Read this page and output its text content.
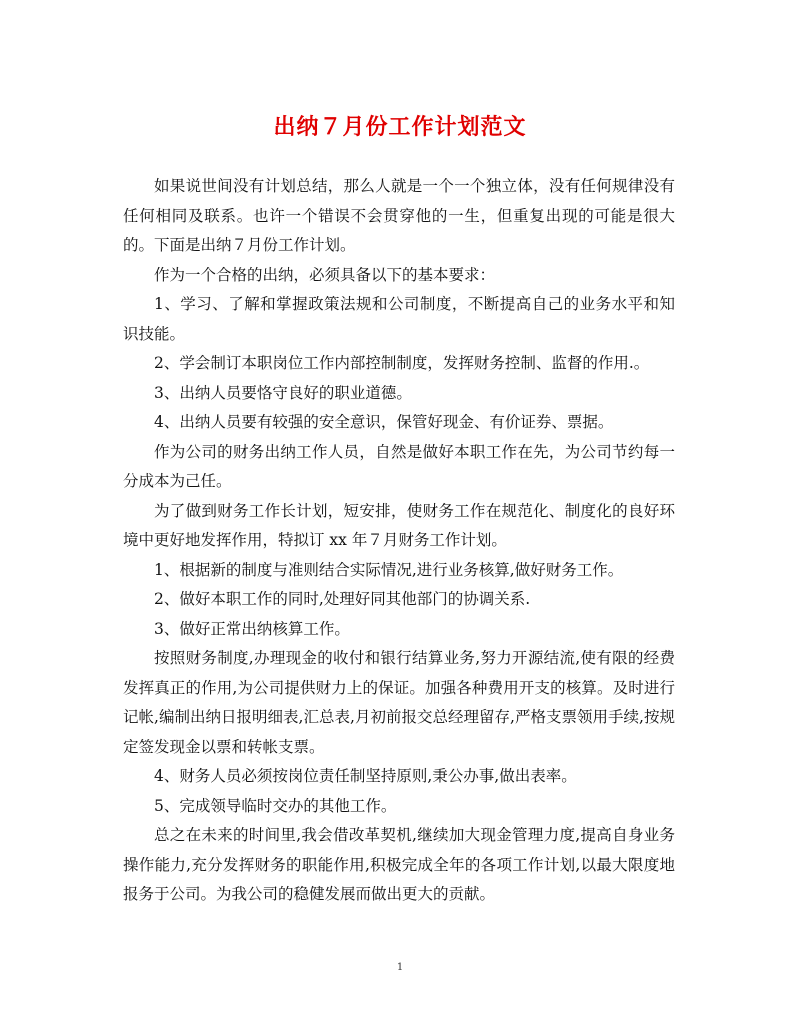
出纳７月份工作计划范文

如果说世间没有计划总结，那么人就是一个一个独立体，没有任何规律没有任何相同及联系。也许一个错误不会贯穿他的一生，但重复出现的可能是很大的。下面是出纳７月份工作计划。

作为一个合格的出纳，必须具备以下的基本要求：

1、学习、了解和掌握政策法规和公司制度，不断提高自己的业务水平和知识技能。

2、学会制订本职岗位工作内部控制制度，发挥财务控制、监督的作用.。

3、出纳人员要恪守良好的职业道德。

4、出纳人员要有较强的安全意识，保管好现金、有价证券、票据。

作为公司的财务出纳工作人员，自然是做好本职工作在先，为公司节约每一分成本为己任。

为了做到财务工作长计划，短安排，使财务工作在规范化、制度化的良好环境中更好地发挥作用，特拟订 xx 年７月财务工作计划。

1、根据新的制度与准则结合实际情况,进行业务核算,做好财务工作。

2、做好本职工作的同时,处理好同其他部门的协调关系.

3、做好正常出纳核算工作。

按照财务制度,办理现金的收付和银行结算业务,努力开源结流,使有限的经费发挥真正的作用,为公司提供财力上的保证。加强各种费用开支的核算。及时进行记帐,编制出纳日报明细表,汇总表,月初前报交总经理留存,严格支票领用手续,按规定签发现金以票和转帐支票。

4、财务人员必须按岗位责任制坚持原则,秉公办事,做出表率。

5、完成领导临时交办的其他工作。

总之在未来的时间里,我会借改革契机,继续加大现金管理力度,提高自身业务操作能力,充分发挥财务的职能作用,积极完成全年的各项工作计划,以最大限度地报务于公司。为我公司的稳健发展而做出更大的贡献。

1
